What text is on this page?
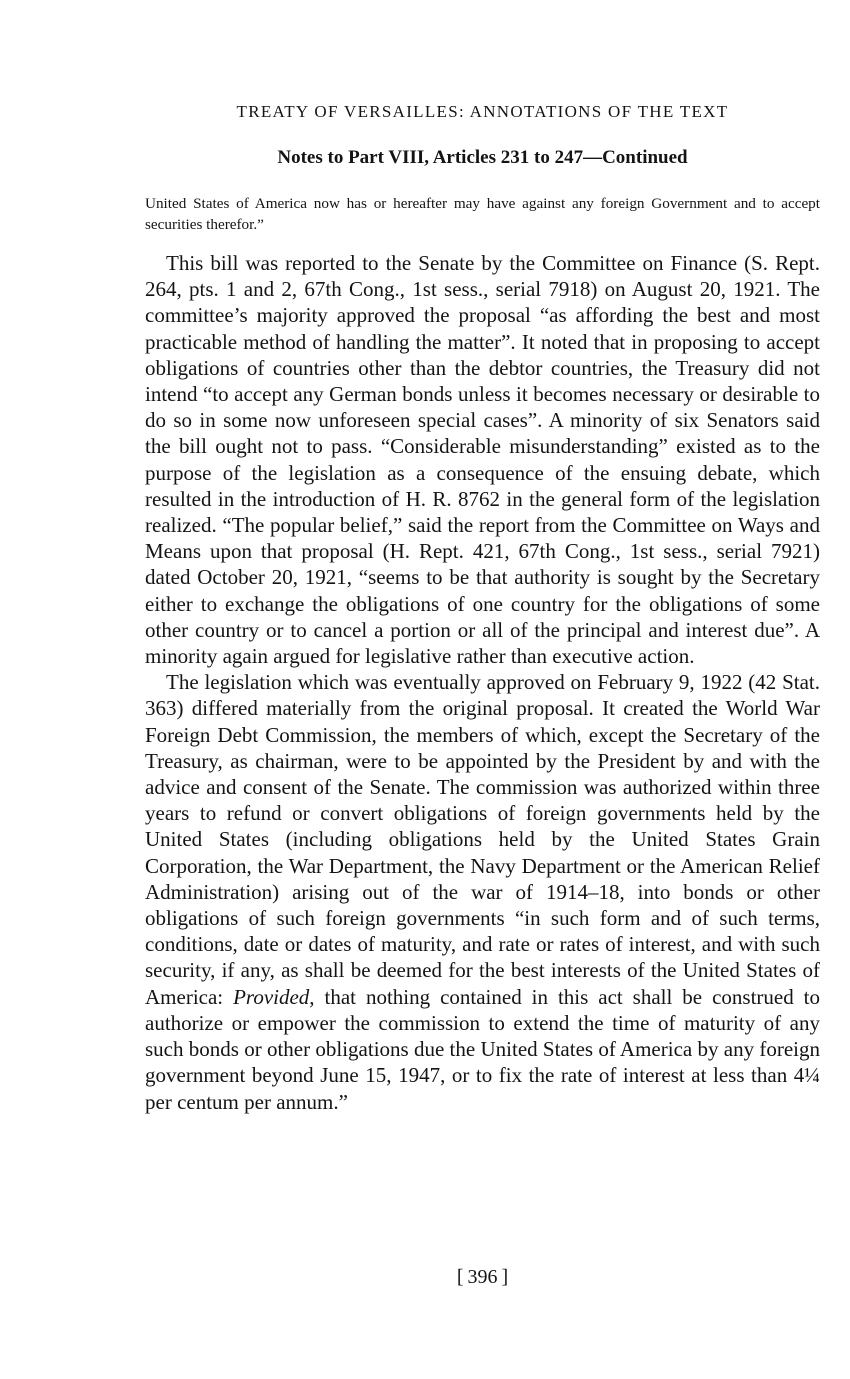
TREATY OF VERSAILLES: ANNOTATIONS OF THE TEXT
Notes to Part VIII, Articles 231 to 247—Continued
United States of America now has or hereafter may have against any foreign Government and to accept securities therefor.”

This bill was reported to the Senate by the Committee on Finance (S. Rept. 264, pts. 1 and 2, 67th Cong., 1st sess., serial 7918) on August 20, 1921. The committee’s majority approved the proposal “as affording the best and most practicable method of handling the matter”. It noted that in proposing to accept obligations of countries other than the debtor countries, the Treasury did not intend “to accept any German bonds unless it becomes necessary or desirable to do so in some now unforeseen special cases”. A minority of six Senators said the bill ought not to pass. “Considerable misunderstanding” existed as to the purpose of the legislation as a consequence of the ensuing debate, which resulted in the introduction of H. R. 8762 in the general form of the legislation realized. “The popular belief,” said the report from the Committee on Ways and Means upon that proposal (H. Rept. 421, 67th Cong., 1st sess., serial 7921) dated October 20, 1921, “seems to be that authority is sought by the Secretary either to exchange the obligations of one country for the obligations of some other country or to cancel a portion or all of the principal and interest due”. A minority again argued for legislative rather than executive action.

The legislation which was eventually approved on February 9, 1922 (42 Stat. 363) differed materially from the original proposal. It created the World War Foreign Debt Commission, the members of which, except the Secretary of the Treasury, as chairman, were to be appointed by the President by and with the advice and consent of the Senate. The commission was authorized within three years to refund or convert obligations of foreign governments held by the United States (including obligations held by the United States Grain Corporation, the War Department, the Navy Department or the American Relief Administration) arising out of the war of 1914–18, into bonds or other obligations of such foreign governments “in such form and of such terms, conditions, date or dates of maturity, and rate or rates of interest, and with such security, if any, as shall be deemed for the best interests of the United States of America: Provided, that nothing contained in this act shall be construed to authorize or empower the commission to extend the time of maturity of any such bonds or other obligations due the United States of America by any foreign government beyond June 15, 1947, or to fix the rate of interest at less than 4¼ per centum per annum.”

[ 396 ]
